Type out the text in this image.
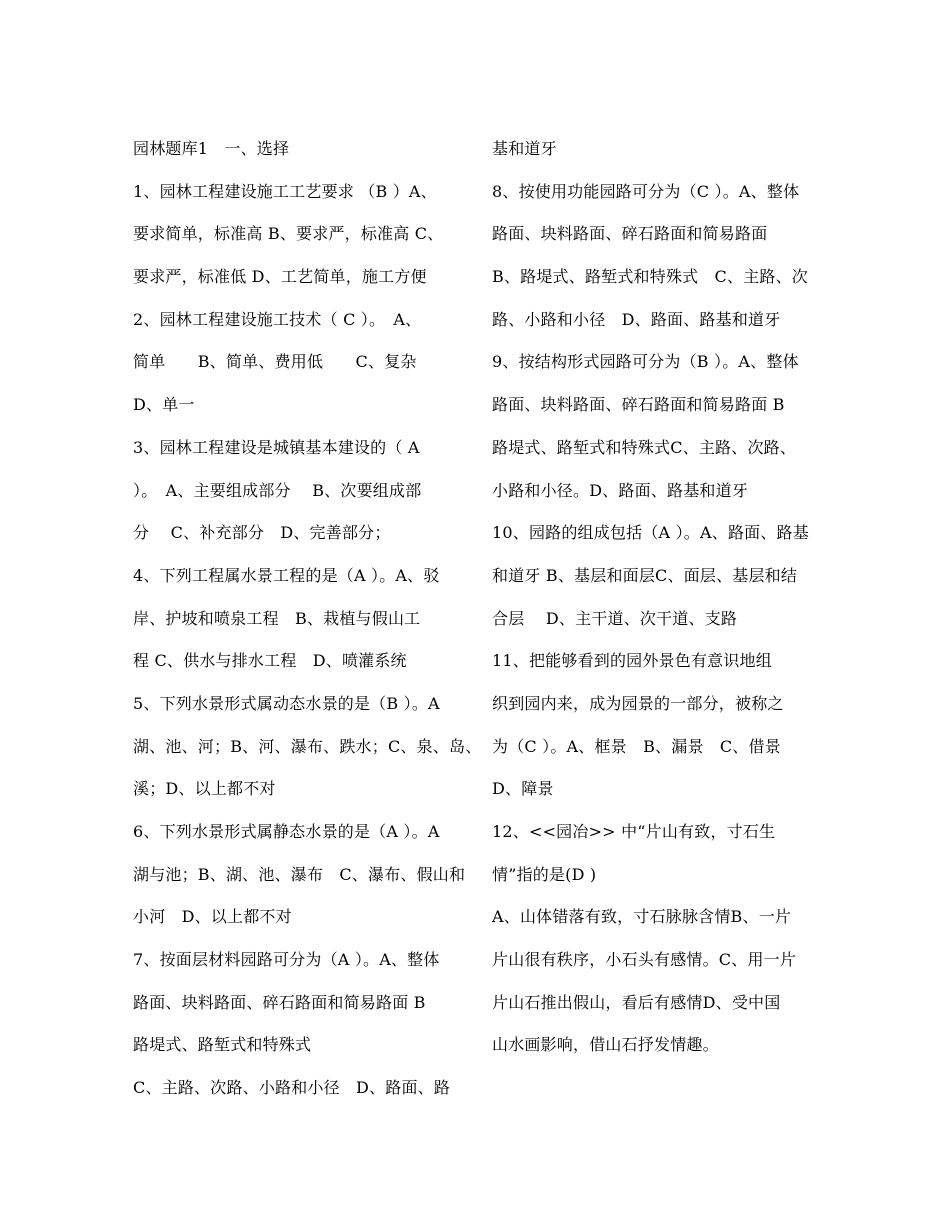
园林题库1　一、选择
1、园林工程建设施工工艺要求 （B ）A、
要求简单，标准高 B、要求严，标准高 C、
要求严，标准低 D、工艺简单，施工方便
2、园林工程建设施工技术（ C ）。　A、
简单　　B、简单、费用低　　C、复杂
D、单一
3、园林工程建设是城镇基本建设的（ A
）。　A、主要组成部分　 B、次要组成部
分　 C、补充部分　D、完善部分；
4、下列工程属水景工程的是（A ）。A、驳
岸、护坡和喷泉工程　B、栽植与假山工
程 C、供水与排水工程　D、喷灌系统
5、下列水景形式属动态水景的是（B ）。A
湖、池、河；B、河、瀑布、跌水；C、泉、岛、
溪；D、以上都不对
6、下列水景形式属静态水景的是（A ）。A
湖与池；B、湖、池、瀑布　C、瀑布、假山和
小河　D、以上都不对
7、按面层材料园路可分为（A ）。A、整体
路面、块料路面、碎石路面和简易路面 B
路堤式、路堑式和特殊式
C、主路、次路、小路和小径　D、路面、路
基和道牙
8、按使用功能园路可分为（C ）。A、整体
路面、块料路面、碎石路面和简易路面
B、路堤式、路堑式和特殊式　C、主路、次
路、小路和小径　D、路面、路基和道牙
9、按结构形式园路可分为（B ）。A、整体
路面、块料路面、碎石路面和简易路面 B
路堤式、路堑式和特殊式C、主路、次路、
小路和小径。D、路面、路基和道牙
10、园路的组成包括（A ）。A、路面、路基
和道牙 B、基层和面层C、面层、基层和结
合层　 D、主干道、次干道、支路
11、把能够看到的园外景色有意识地组
织到园内来，成为园景的一部分，被称之
为（C ）。A、框景　B、漏景　C、借景
D、障景
12、<<园冶>> 中“片山有致，寸石生
情”指的是(D )
A、山体错落有致，寸石脉脉含情B、一片
片山很有秩序，小石头有感情。C、用一片
片山石推出假山，看后有感情D、受中国
山水画影响，借山石抒发情趣。
